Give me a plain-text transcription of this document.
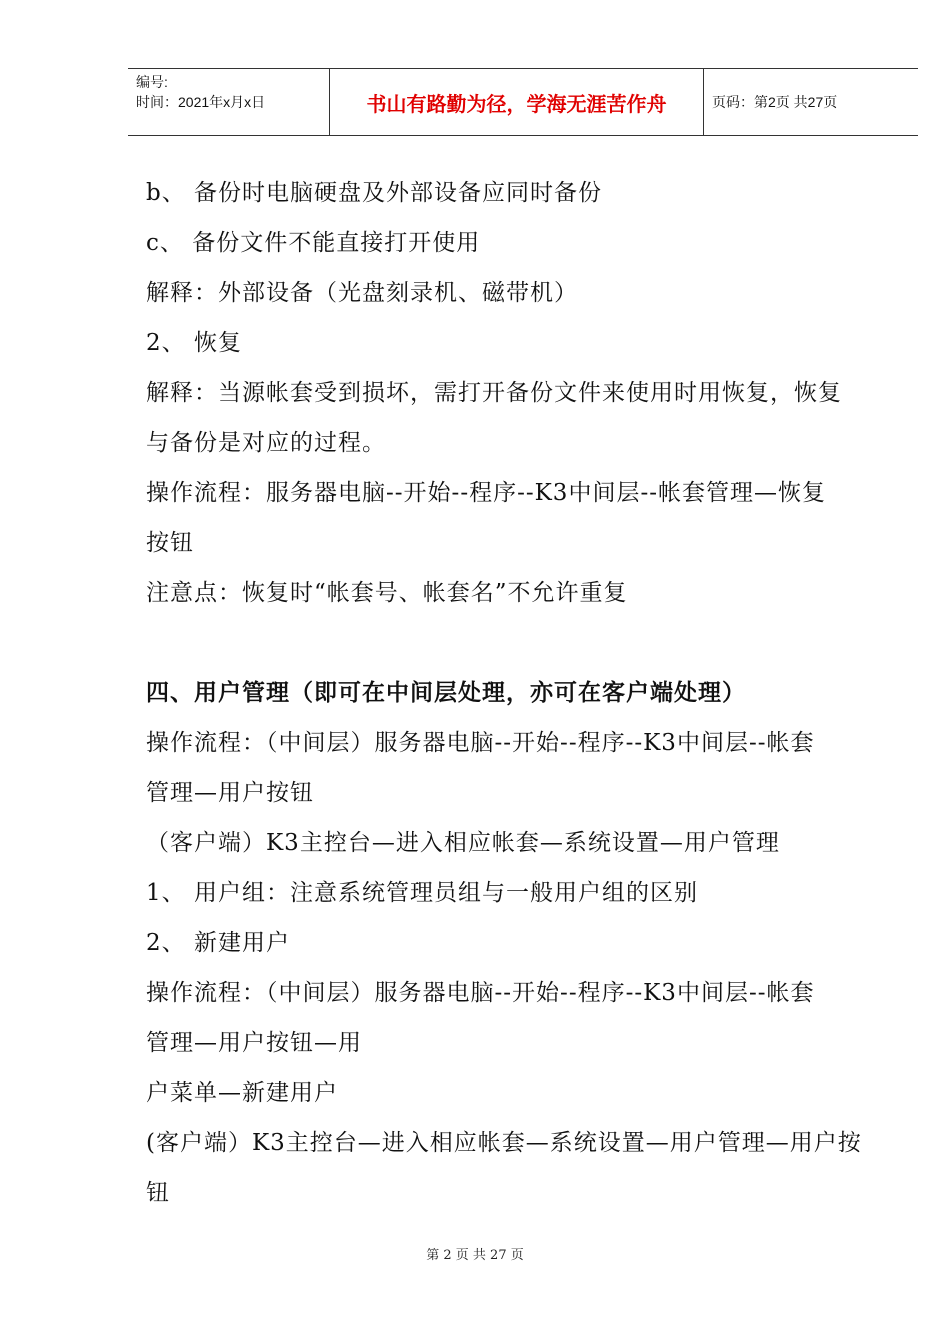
编号:
时间：2021年x月x日	书山有路勤为径，学海无涯苦作舟	页码：第2页 共27页
b、 备份时电脑硬盘及外部设备应同时备份
c、 备份文件不能直接打开使用
解释：外部设备（光盘刻录机、磁带机）
2、 恢复
解释：当源帐套受到损坏，需打开备份文件来使用时用恢复，恢复
与备份是对应的过程。
操作流程：服务器电脑--开始--程序--K3中间层--帐套管理—恢复
按钮
注意点：恢复时“帐套号、帐套名”不允许重复
四、用户管理（即可在中间层处理，亦可在客户端处理）
操作流程：（中间层）服务器电脑--开始--程序--K3中间层--帐套
管理—用户按钮
（客户端）K3主控台—进入相应帐套—系统设置—用户管理
1、 用户组：注意系统管理员组与一般用户组的区别
2、 新建用户
操作流程：（中间层）服务器电脑--开始--程序--K3中间层--帐套
管理—用户按钮—用
户菜单—新建用户
(客户端）K3主控台—进入相应帐套—系统设置—用户管理—用户按
钮
第 2 页 共 27 页
